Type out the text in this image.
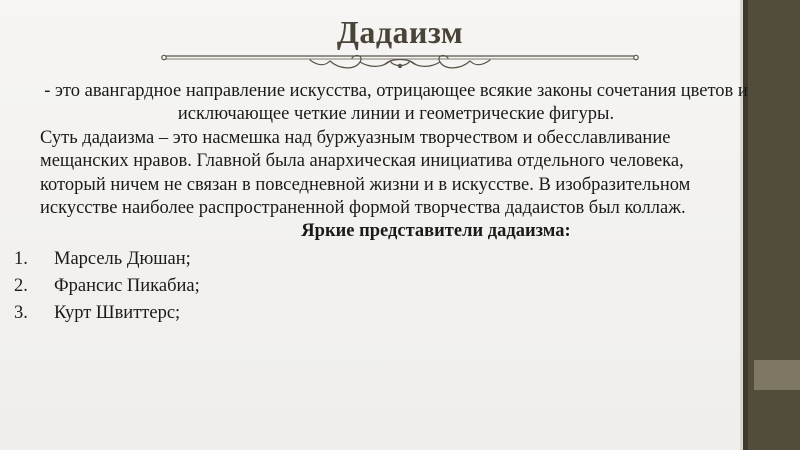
Дадаизм

- это авангардное направление искусства, отрицающее всякие законы сочетания цветов и исключающее четкие линии и геометрические фигуры.

Суть дадаизма – это насмешка над буржуазным творчеством и обесславливание мещанских нравов. Главной была анархическая инициатива отдельного человека, который ничем не связан в повседневной жизни и в искусстве. В изобразительном искусстве наиболее распространенной формой творчества дадаистов был коллаж.

Яркие представители дадаизма:

1.	Марсель Дюшан;
2.	Франсис Пикабиа;
3.	Курт Швиттерс;
